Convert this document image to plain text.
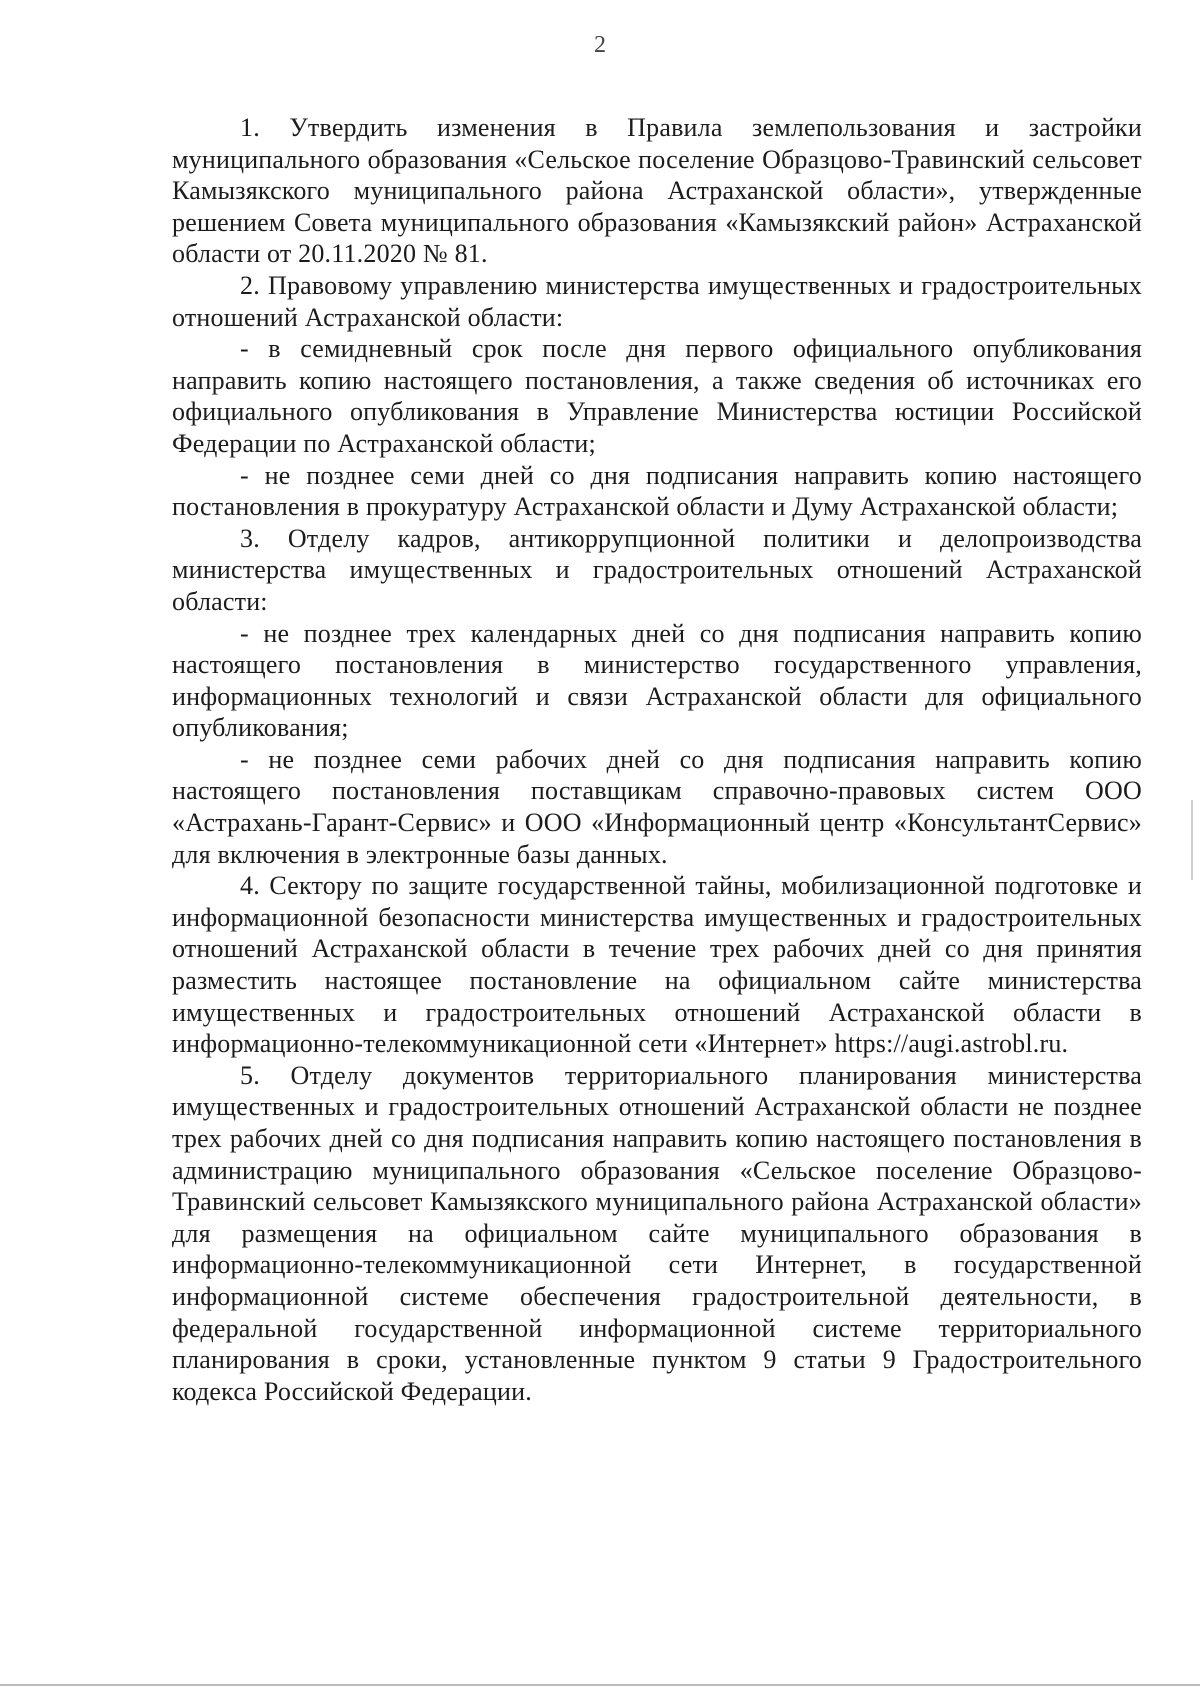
2

1. Утвердить изменения в Правила землепользования и застройки муниципального образования «Сельское поселение Образцово-Травинский сельсовет Камызякского муниципального района Астраханской области», утвержденные решением Совета муниципального образования «Камызякский район» Астраханской области от 20.11.2020 № 81.

2. Правовому управлению министерства имущественных и градостроительных отношений Астраханской области:

- в семидневный срок после дня первого официального опубликования направить копию настоящего постановления, а также сведения об источниках его официального опубликования в Управление Министерства юстиции Российской Федерации по Астраханской области;

- не позднее семи дней со дня подписания направить копию настоящего постановления в прокуратуру Астраханской области и Думу Астраханской области;

3. Отделу кадров, антикоррупционной политики и делопроизводства министерства имущественных и градостроительных отношений Астраханской области:

- не позднее трех календарных дней со дня подписания направить копию настоящего постановления в министерство государственного управления, информационных технологий и связи Астраханской области для официального опубликования;

- не позднее семи рабочих дней со дня подписания направить копию настоящего постановления поставщикам справочно-правовых систем ООО «Астрахань-Гарант-Сервис» и ООО «Информационный центр «КонсультантСервис» для включения в электронные базы данных.

4. Сектору по защите государственной тайны, мобилизационной подготовке и информационной безопасности министерства имущественных и градостроительных отношений Астраханской области в течение трех рабочих дней со дня принятия разместить настоящее постановление на официальном сайте министерства имущественных и градостроительных отношений Астраханской области в информационно-телекоммуникационной сети «Интернет» https://augi.astrobl.ru.

5. Отделу документов территориального планирования министерства имущественных и градостроительных отношений Астраханской области не позднее трех рабочих дней со дня подписания направить копию настоящего постановления в администрацию муниципального образования «Сельское поселение Образцово-Травинский сельсовет Камызякского муниципального района Астраханской области» для размещения на официальном сайте муниципального образования в информационно-телекоммуникационной сети Интернет, в государственной информационной системе обеспечения градостроительной деятельности, в федеральной государственной информационной системе территориального планирования в сроки, установленные пунктом 9 статьи 9 Градостроительного кодекса Российской Федерации.
